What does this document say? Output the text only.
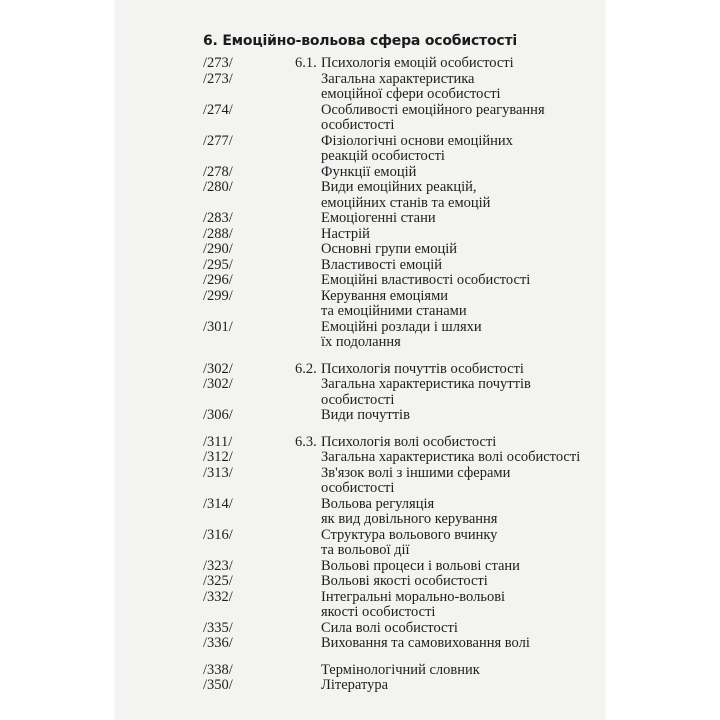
6. Емоційно-вольова сфера особистості
/273/	6.1. Психологія емоцій особистості
/273/	Загальна характеристика
емоційної сфери особистості
/274/	Особливості емоційного реагування
особистості
/277/	Фізіологічні основи емоційних
реакцій особистості
/278/	Функції емоцій
/280/	Види емоційних реакцій,
емоційних станів та емоцій
/283/	Емоціогенні стани
/288/	Настрій
/290/	Основні групи емоцій
/295/	Властивості емоцій
/296/	Емоційні властивості особистості
/299/	Керування емоціями
та емоційними станами
/301/	Емоційні розлади і шляхи
їх подолання
/302/	6.2. Психологія почуттів особистості
/302/	Загальна характеристика почуттів
особистості
/306/	Види почуттів
/311/	6.3. Психологія волі особистості
/312/	Загальна характеристика волі особистості
/313/	Зв'язок волі з іншими сферами
особистості
/314/	Вольова регуляція
як вид довільного керування
/316/	Структура вольового вчинку
та вольової дії
/323/	Вольові процеси і вольові стани
/325/	Вольові якості особистості
/332/	Інтегральні морально-вольові
якості особистості
/335/	Сила волі особистості
/336/	Виховання та самовиховання волі
/338/	Термінологічний словник
/350/	Література
